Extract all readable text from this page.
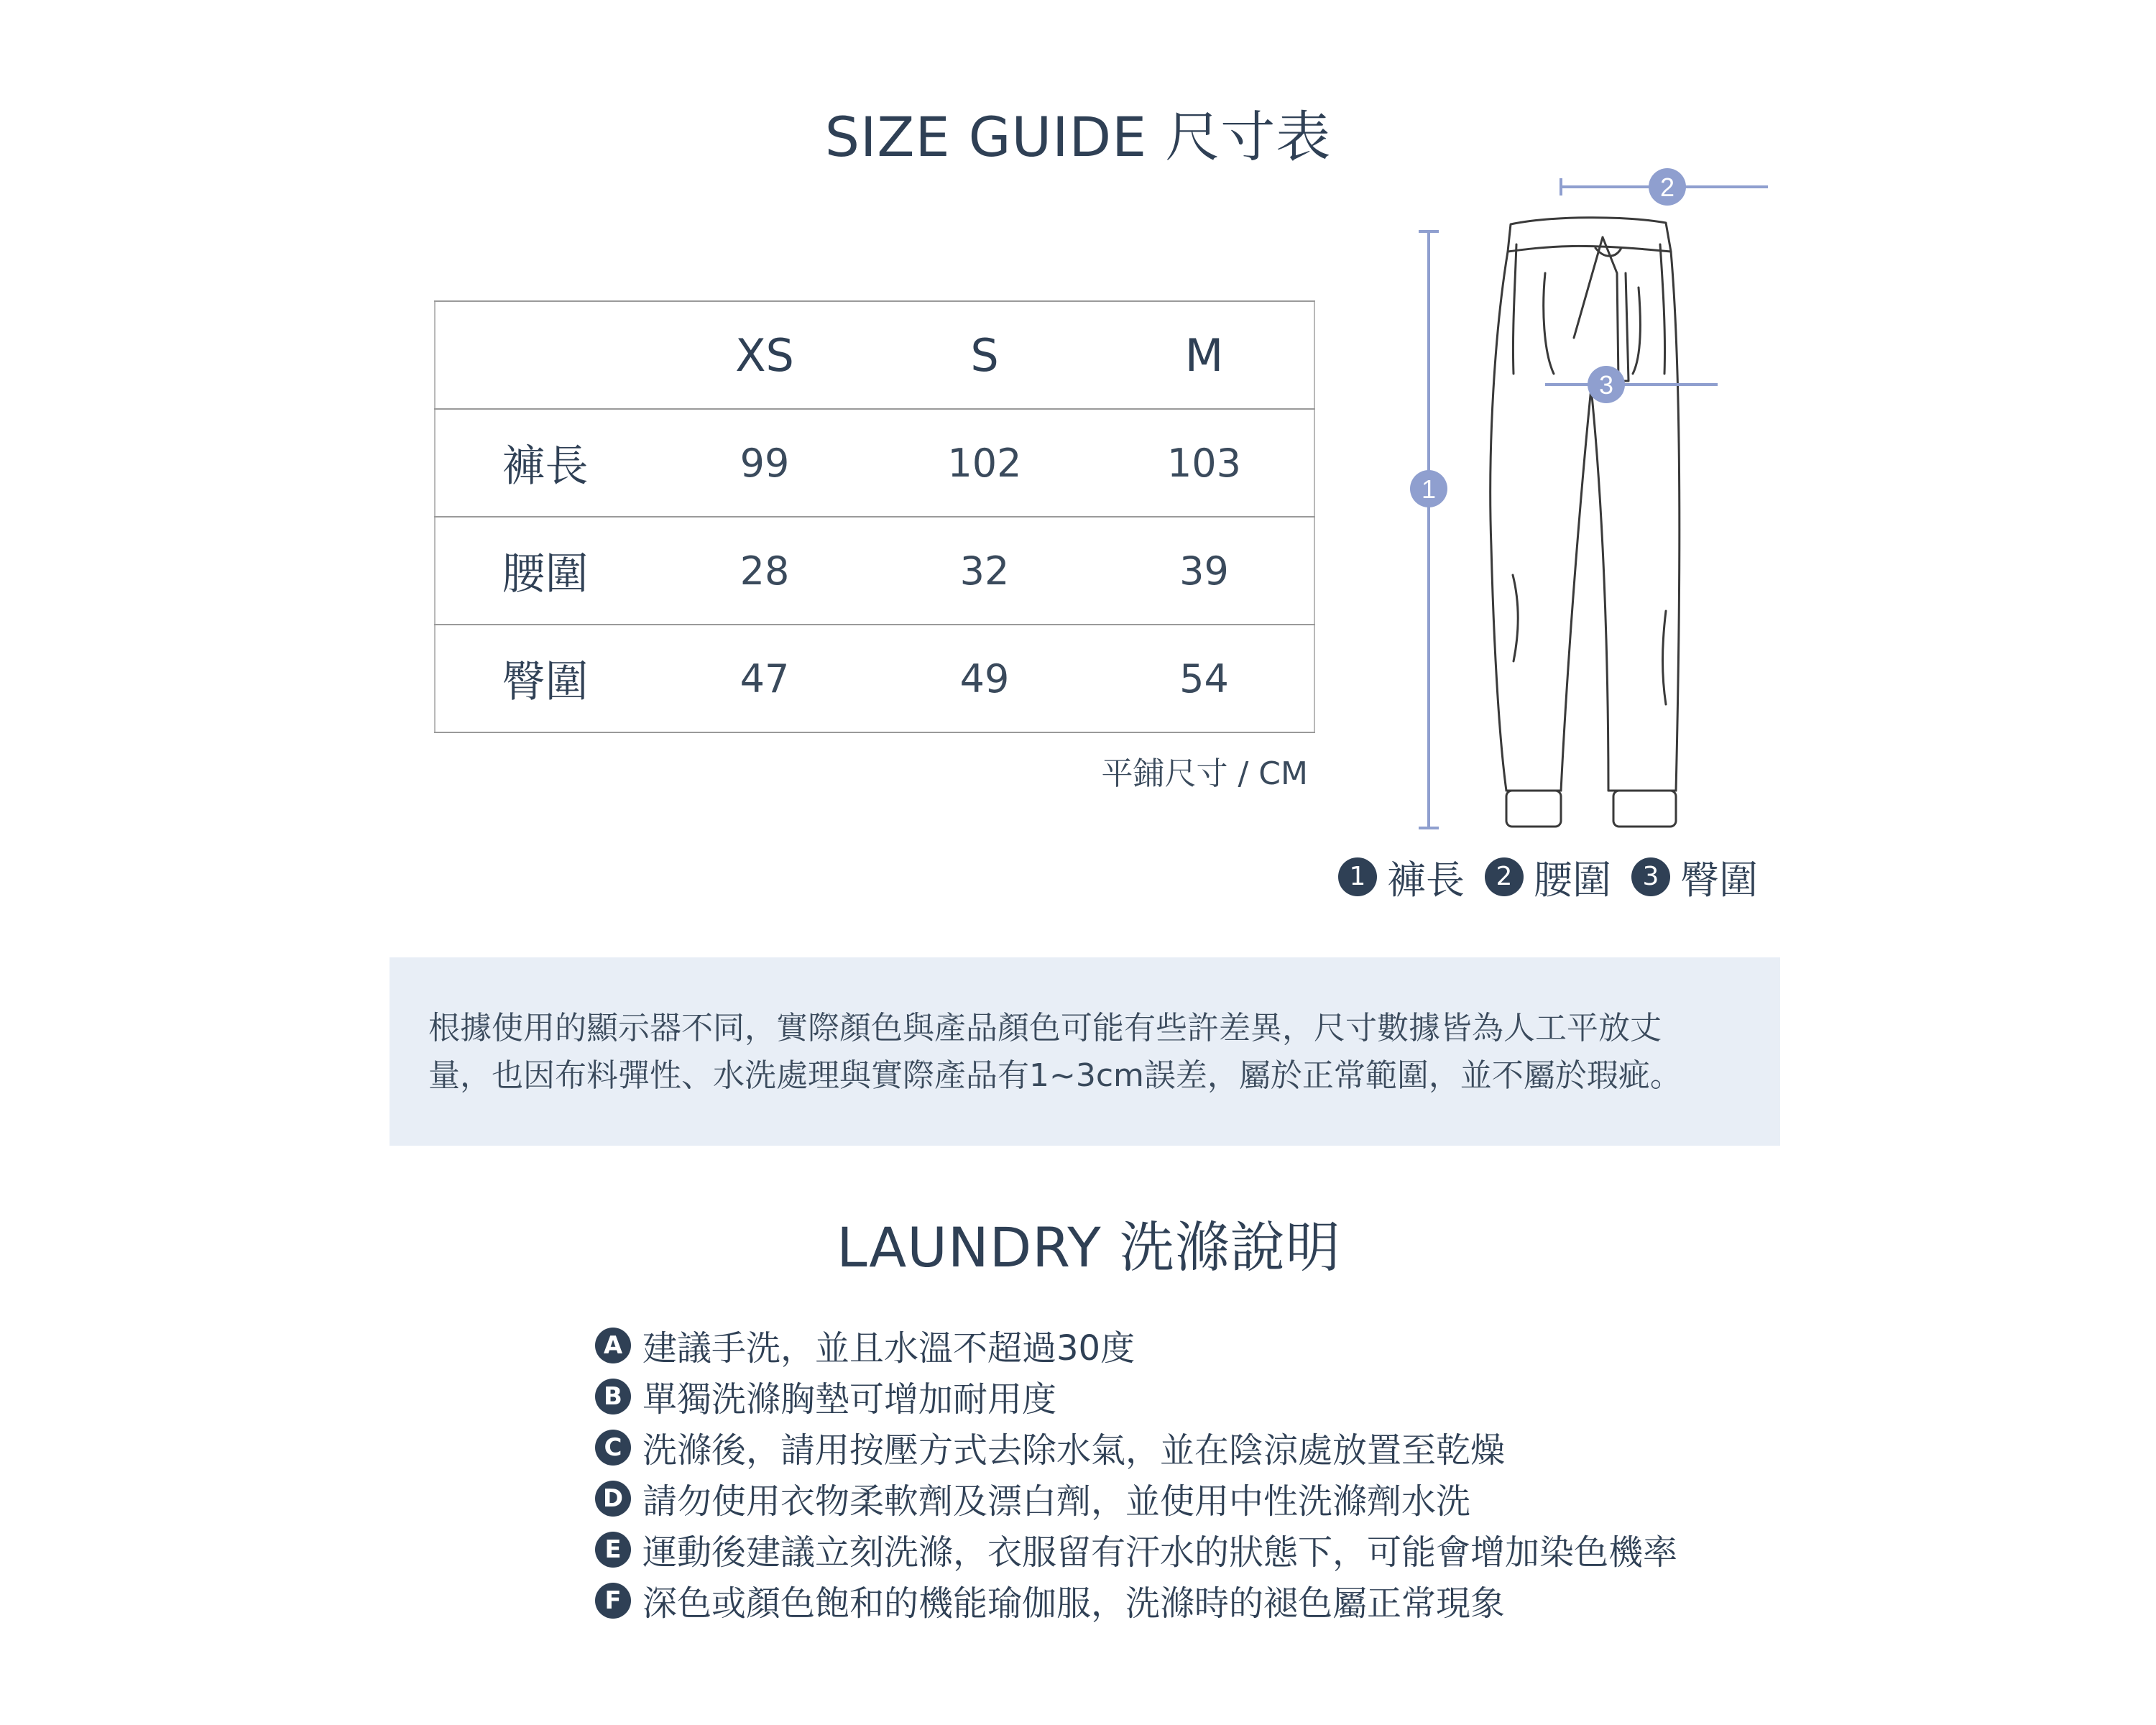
SIZE GUIDE 尺寸表
	XS	S	M
褲長	99	102	103
腰圍	28	32	39
臀圍	47	49	54
平鋪尺寸 / CM
1
2
3
1 褲長	2 腰圍	3 臀圍

根據使用的顯示器不同，實際顏色與產品顏色可能有些許差異，尺寸數據皆為人工平放丈

量，也因布料彈性、水洗處理與實際產品有1~3cm誤差，屬於正常範圍，並不屬於瑕疵。

LAUNDRY 洗滌說明
A 建議手洗，並且水溫不超過30度
B 單獨洗滌胸墊可增加耐用度
C 洗滌後，請用按壓方式去除水氣，並在陰涼處放置至乾燥
D 請勿使用衣物柔軟劑及漂白劑，並使用中性洗滌劑水洗
E 運動後建議立刻洗滌，衣服留有汗水的狀態下，可能會增加染色機率
F 深色或顏色飽和的機能瑜伽服，洗滌時的褪色屬正常現象
